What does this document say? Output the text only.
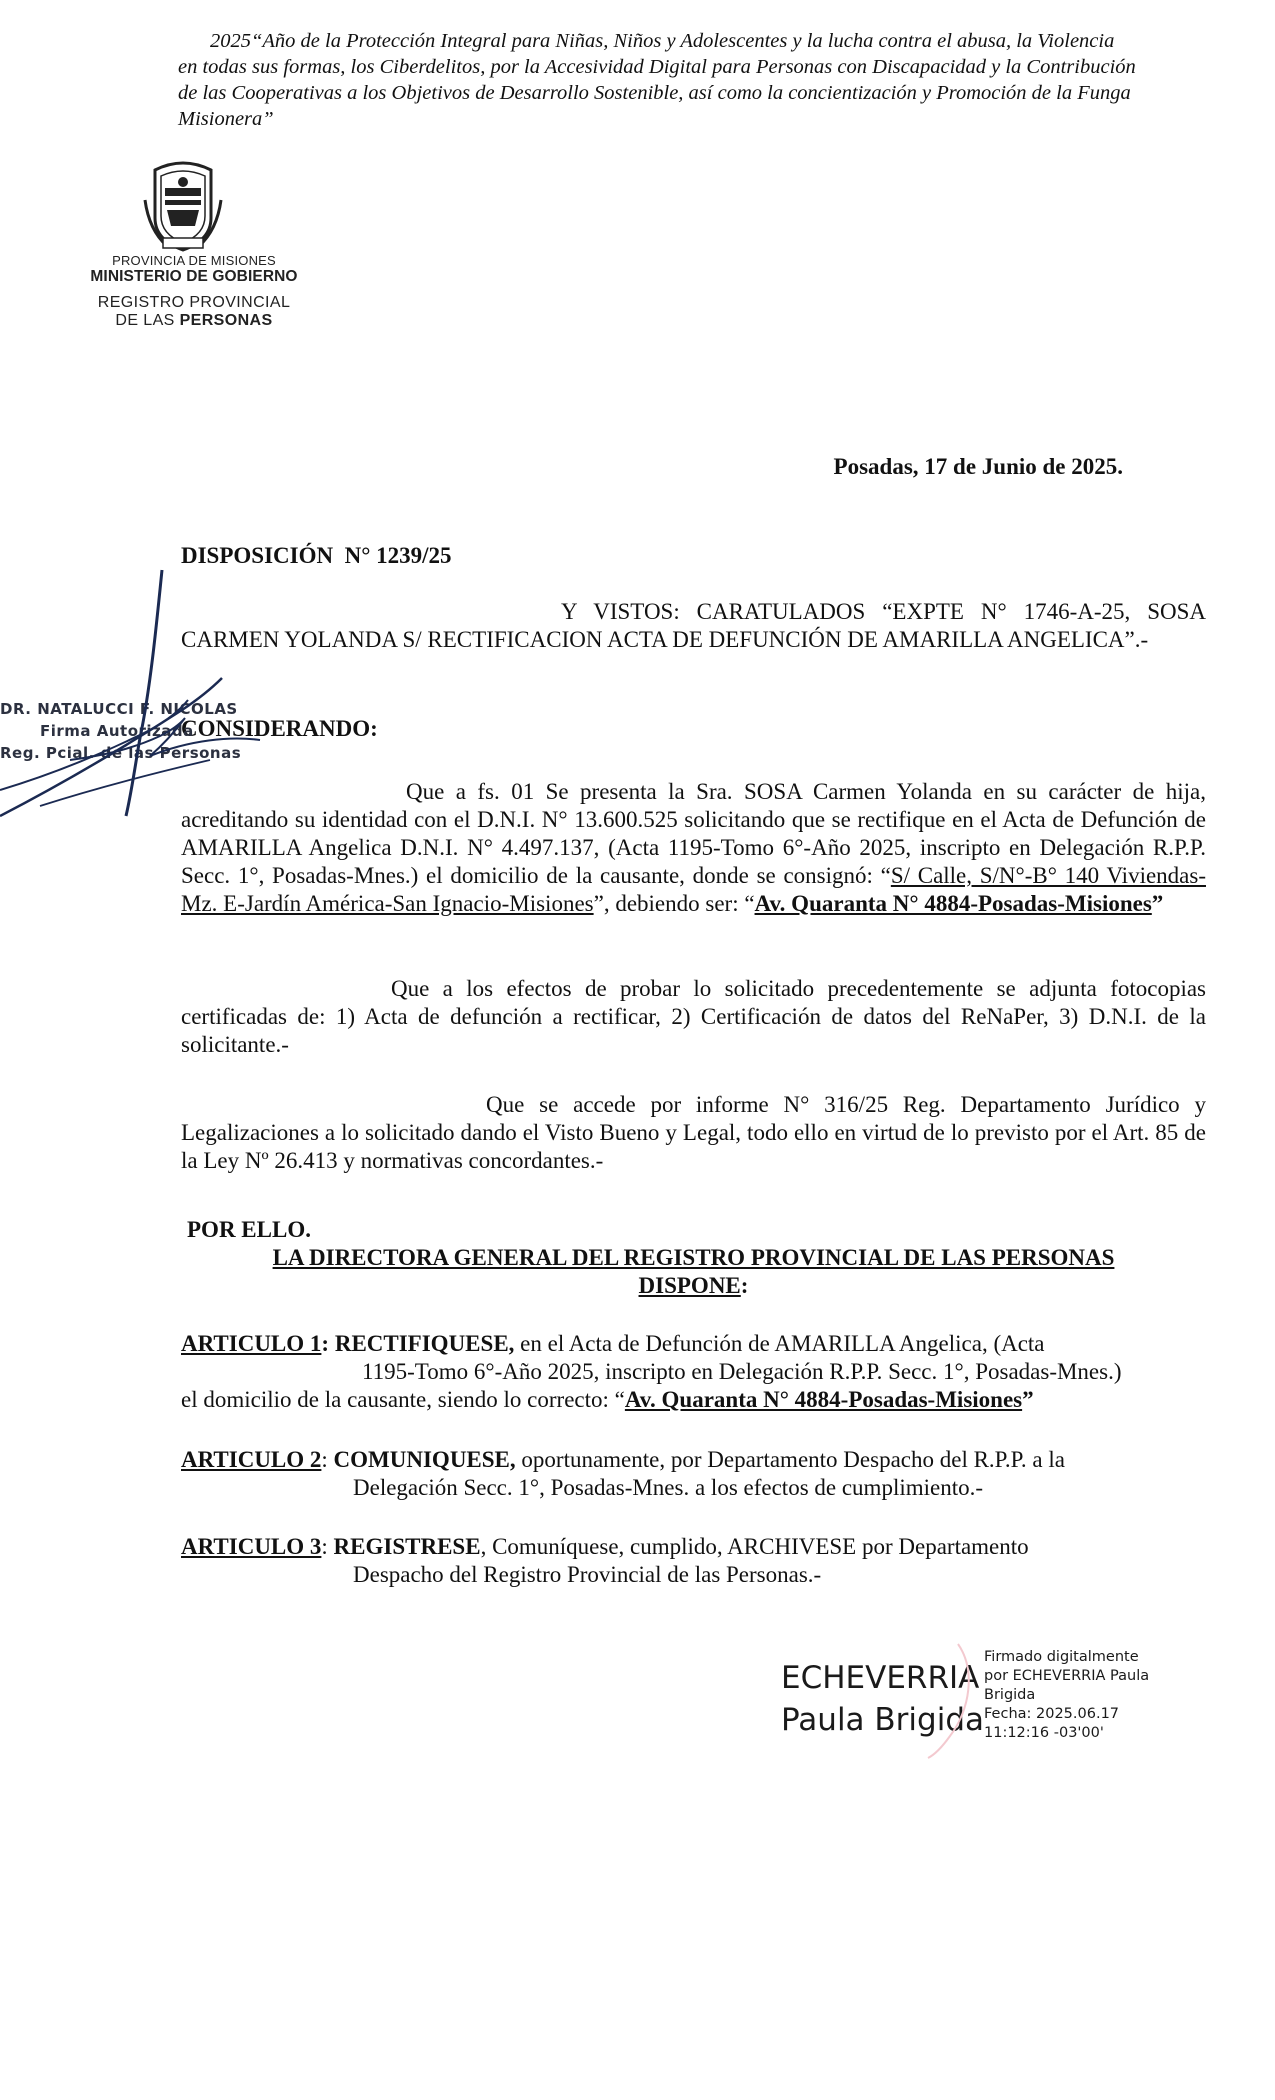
2025“Año de la Protección Integral para Niñas, Niños y Adolescentes y la lucha contra el abusa, la Violencia
en todas sus formas, los Ciberdelitos, por la Accesividad Digital para Personas con Discapacidad y la Contribución
de las Cooperativas a los Objetivos de Desarrollo Sostenible, así como la concientización y Promoción de la Funga
Misionera”
PROVINCIA DE MISIONES
MINISTERIO DE GOBIERNO
REGISTRO PROVINCIAL
DE LAS PERSONAS
Posadas, 17 de Junio de 2025.
DISPOSICIÓN  N° 1239/25

Y VISTOS: CARATULADOS “EXPTE N° 1746-A-25, SOSA CARMEN YOLANDA S/ RECTIFICACION ACTA DE DEFUNCIÓN DE AMARILLA ANGELICA”.-

CONSIDERANDO:

Que a fs. 01 Se presenta la Sra. SOSA Carmen Yolanda en su carácter de hija, acreditando su identidad con el D.N.I. N° 13.600.525 solicitando que se rectifique en el Acta de Defunción de AMARILLA Angelica D.N.I. N° 4.497.137, (Acta 1195-Tomo 6°-Año 2025, inscripto en Delegación R.P.P. Secc. 1°, Posadas-Mnes.) el domicilio de la causante, donde se consignó: “S/ Calle, S/N°-B° 140 Viviendas-Mz. E-Jardín América-San Ignacio-Misiones”, debiendo ser: “Av. Quaranta N° 4884-Posadas-Misiones”

Que a los efectos de probar lo solicitado precedentemente se adjunta fotocopias certificadas de: 1) Acta de defunción a rectificar, 2) Certificación de datos del ReNaPer, 3) D.N.I. de la solicitante.-

Que se accede por informe N° 316/25 Reg. Departamento Jurídico y Legalizaciones a lo solicitado dando el Visto Bueno y Legal, todo ello en virtud de lo previsto por el Art. 85 de la Ley Nº 26.413 y normativas concordantes.-

POR ELLO.
LA DIRECTORA GENERAL DEL REGISTRO PROVINCIAL DE LAS PERSONAS
DISPONE:
ARTICULO 1: RECTIFIQUESE, en el Acta de Defunción de AMARILLA Angelica, (Acta
1195-Tomo 6°-Año 2025, inscripto en Delegación R.P.P. Secc. 1°, Posadas-Mnes.)
el domicilio de la causante, siendo lo correcto: “Av. Quaranta N° 4884-Posadas-Misiones”
ARTICULO 2: COMUNIQUESE, oportunamente, por Departamento Despacho del R.P.P. a la
Delegación Secc. 1°, Posadas-Mnes. a los efectos de cumplimiento.-
ARTICULO 3: REGISTRESE, Comuníquese, cumplido, ARCHIVESE por Departamento
Despacho del Registro Provincial de las Personas.-
DR. NATALUCCI F. NICOLAS
Firma Autorizada
Reg. Pcial. de las Personas
ECHEVERRIA
Paula Brigida
Firmado digitalmente
por ECHEVERRIA Paula
Brigida
Fecha: 2025.06.17
11:12:16 -03'00'
